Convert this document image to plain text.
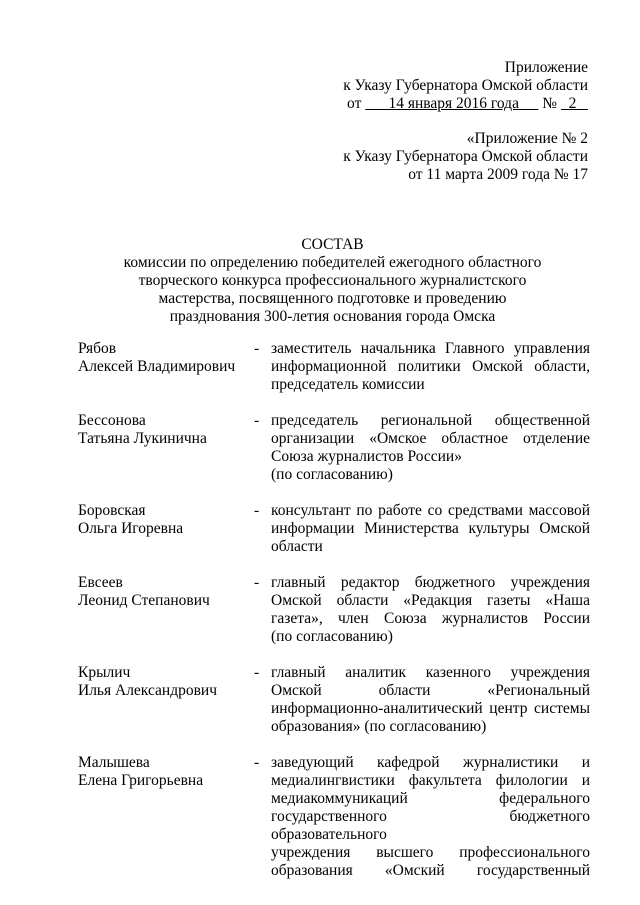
Приложение
к Указу Губернатора Омской области
от 14 января 2016 года № 2
«Приложение № 2
к Указу Губернатора Омской области
от 11 марта 2009 года № 17
СОСТАВ
комиссии по определению победителей ежегодного областного
творческого конкурса профессионального журналистского
мастерства, посвященного подготовке и проведению
празднования 300-летия основания города Омска
Рябов
Алексей Владимирович
- заместитель начальника Главного управления
информационной политики Омской области,
председатель комиссии
Бессонова
Татьяна Лукинична
- председатель региональной общественной
организации «Омское областное отделение
Союза журналистов России»
(по согласованию)
Боровская
Ольга Игоревна
- консультант по работе со средствами массовой
информации Министерства культуры Омской
области
Евсеев
Леонид Степанович
- главный редактор бюджетного учреждения
Омской области «Редакция газеты «Наша
газета», член Союза журналистов России
(по согласованию)
Крылич
Илья Александрович
- главный аналитик казенного учреждения
Омской области «Региональный
информационно-аналитический центр системы
образования» (по согласованию)
Малышева
Елена Григорьевна
- заведующий кафедрой журналистики и
медиалингвистики факультета филологии и
медиакоммуникаций федерального
государственного бюджетного образовательного
учреждения высшего профессионального
образования «Омский государственный
